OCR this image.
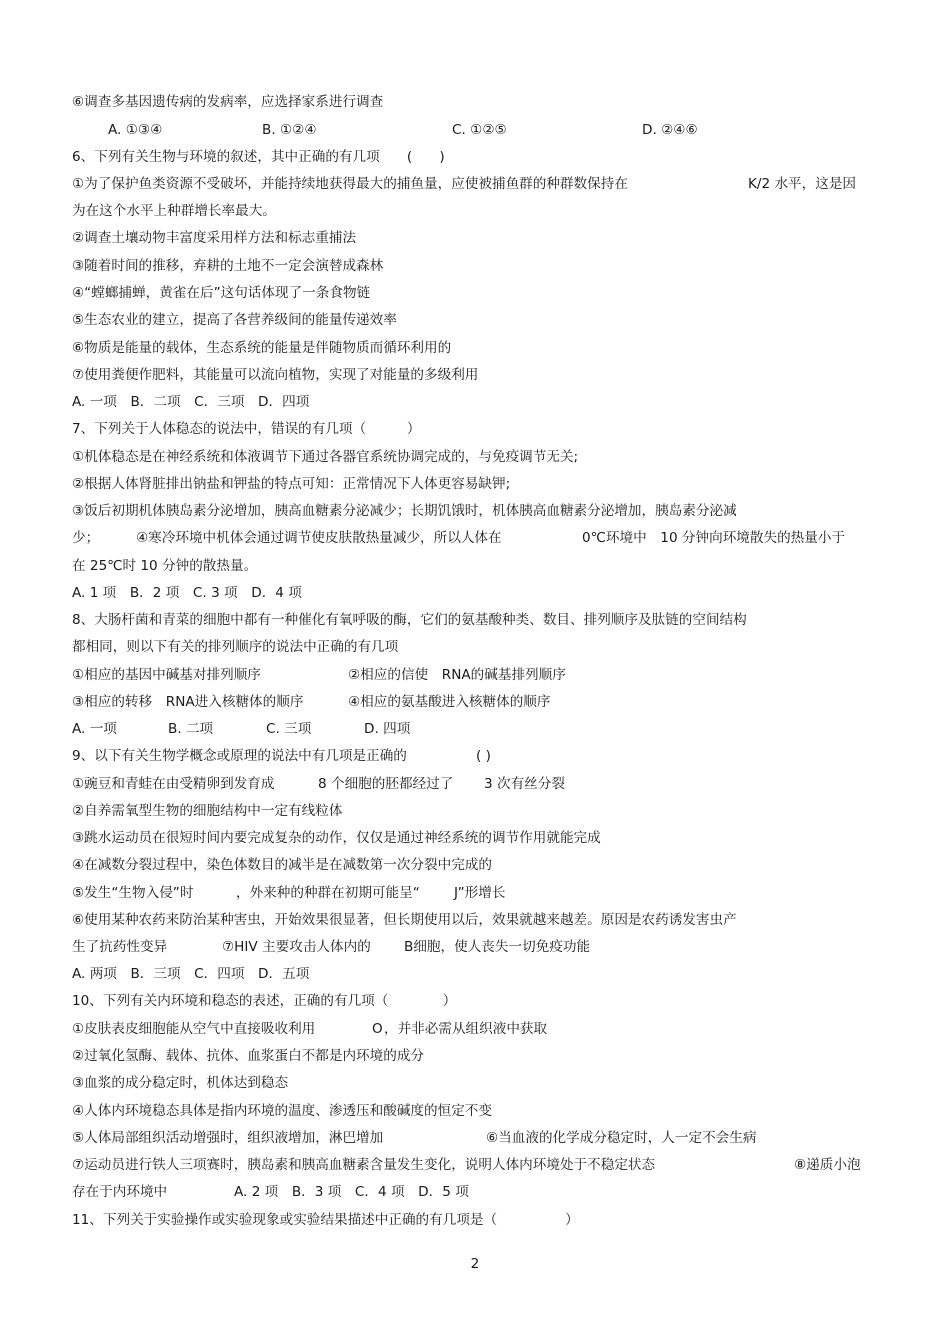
⑥调查多基因遗传病的发病率，应选择家系进行调查
A. ①③④	B. ①②④	C. ①②⑤	D. ②④⑥
6、下列有关生物与环境的叙述，其中正确的有几项　　(　　)
①为了保护鱼类资源不受破坏，并能持续地获得最大的捕鱼量，应使被捕鱼群的种群数保持在	K/2 水平，这是因
为在这个水平上种群增长率最大。
②调查土壤动物丰富度采用样方法和标志重捕法
③随着时间的推移，弃耕的土地不一定会演替成森林
④“螳螂捕蝉，黄雀在后”这句话体现了一条食物链
⑤生态农业的建立，提高了各营养级间的能量传递效率
⑥物质是能量的载体，生态系统的能量是伴随物质而循环利用的
⑦使用粪便作肥料，其能量可以流向植物，实现了对能量的多级利用
A. 一项　B．二项　C．三项　D．四项
7、下列关于人体稳态的说法中，错误的有几项（　　　）
①机体稳态是在神经系统和体液调节下通过各器官系统协调完成的，与免疫调节无关;
②根据人体肾脏排出钠盐和钾盐的特点可知：正常情况下人体更容易缺钾;
③饭后初期机体胰岛素分泌增加，胰高血糖素分泌减少；长期饥饿时，机体胰高血糖素分泌增加，胰岛素分泌减
少；	④寒冷环境中机体会通过调节使皮肤散热量减少，所以人体在	0℃环境中　10 分钟向环境散失的热量小于
在 25℃时 10 分钟的散热量。
A. 1 项　B．2 项　C. 3 项　D．4 项
8、大肠杆菌和青菜的细胞中都有一种催化有氧呼吸的酶，它们的氨基酸种类、数目、排列顺序及肽链的空间结构
都相同，则以下有关的排列顺序的说法中正确的有几项
①相应的基因中碱基对排列顺序	②相应的信使　RNA的碱基排列顺序
③相应的转移　RNA进入核糖体的顺序	④相应的氨基酸进入核糖体的顺序
A. 一项	B. 二项	C. 三项	D. 四项
9、以下有关生物学概念或原理的说法中有几项是正确的	( )
①豌豆和青蛙在由受精卵到发育成	8 个细胞的胚都经过了 3 次有丝分裂
②自养需氧型生物的细胞结构中一定有线粒体
③跳水运动员在很短时间内要完成复杂的动作，仅仅是通过神经系统的调节作用就能完成
④在减数分裂过程中，染色体数目的减半是在减数第一次分裂中完成的
⑤发生“生物入侵”时	，外来种的种群在初期可能呈“	J”形增长
⑥使用某种农药来防治某种害虫，开始效果很显著，但长期使用以后，效果就越来越差。原因是农药诱发害虫产
生了抗药性变异	⑦HIV 主要攻击人体内的 B细胞，使人丧失一切免疫功能
A. 两项　B．三项　C．四项　D．五项
10、下列有关内环境和稳态的表述，正确的有几项（　　　　）
①皮肤表皮细胞能从空气中直接吸收利用	O ，并非必需从组织液中获取
②过氧化氢酶、载体、抗体、血浆蛋白不都是内环境的成分
③血浆的成分稳定时，机体达到稳态
④人体内环境稳态具体是指内环境的温度、渗透压和酸碱度的恒定不变
⑤人体局部组织活动增强时，组织液增加，淋巴增加	⑥当血液的化学成分稳定时，人一定不会生病
⑦运动员进行铁人三项赛时，胰岛素和胰高血糖素含量发生变化，说明人体内环境处于不稳定状态	⑧递质小泡
存在于内环境中	A. 2 项　B．3 项　C．4 项　D．5 项
11、下列关于实验操作或实验现象或实验结果描述中正确的有几项是（　　　　　）
2
